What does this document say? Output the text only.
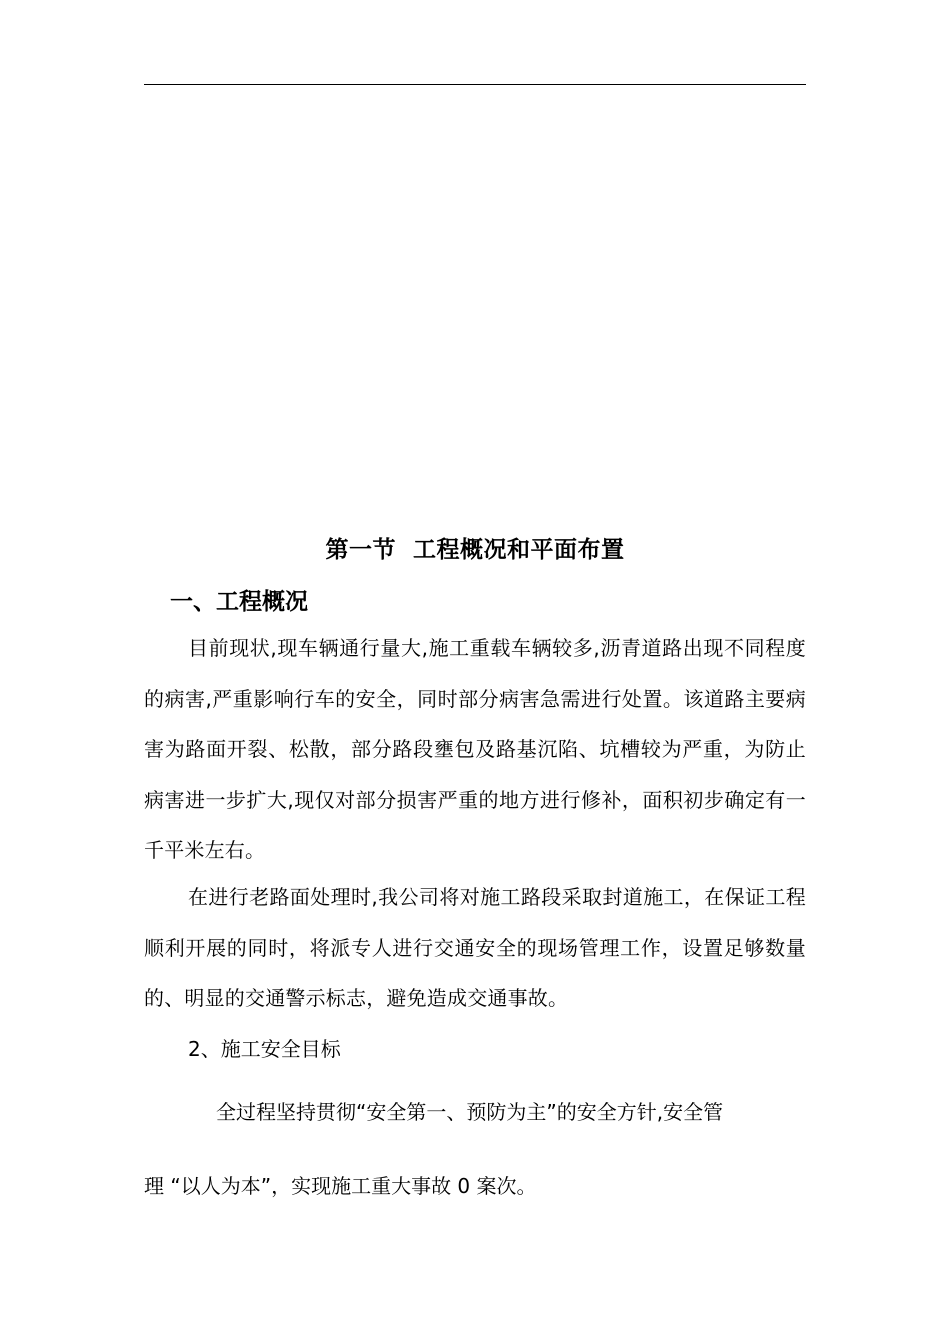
第一节  工程概况和平面布置
一、工程概况

目前现状,现车辆通行量大,施工重载车辆较多,沥青道路出现不同程度的病害,严重影响行车的安全，同时部分病害急需进行处置。该道路主要病害为路面开裂、松散，部分路段壅包及路基沉陷、坑槽较为严重，为防止病害进一步扩大,现仅对部分损害严重的地方进行修补，面积初步确定有一千平米左右。

在进行老路面处理时,我公司将对施工路段采取封道施工，在保证工程顺利开展的同时，将派专人进行交通安全的现场管理工作，设置足够数量的、明显的交通警示标志，避免造成交通事故。

2、施工安全目标
全过程坚持贯彻“安全第一、预防为主”的安全方针,安全管
理 “以人为本”，实现施工重大事故 0 案次。
